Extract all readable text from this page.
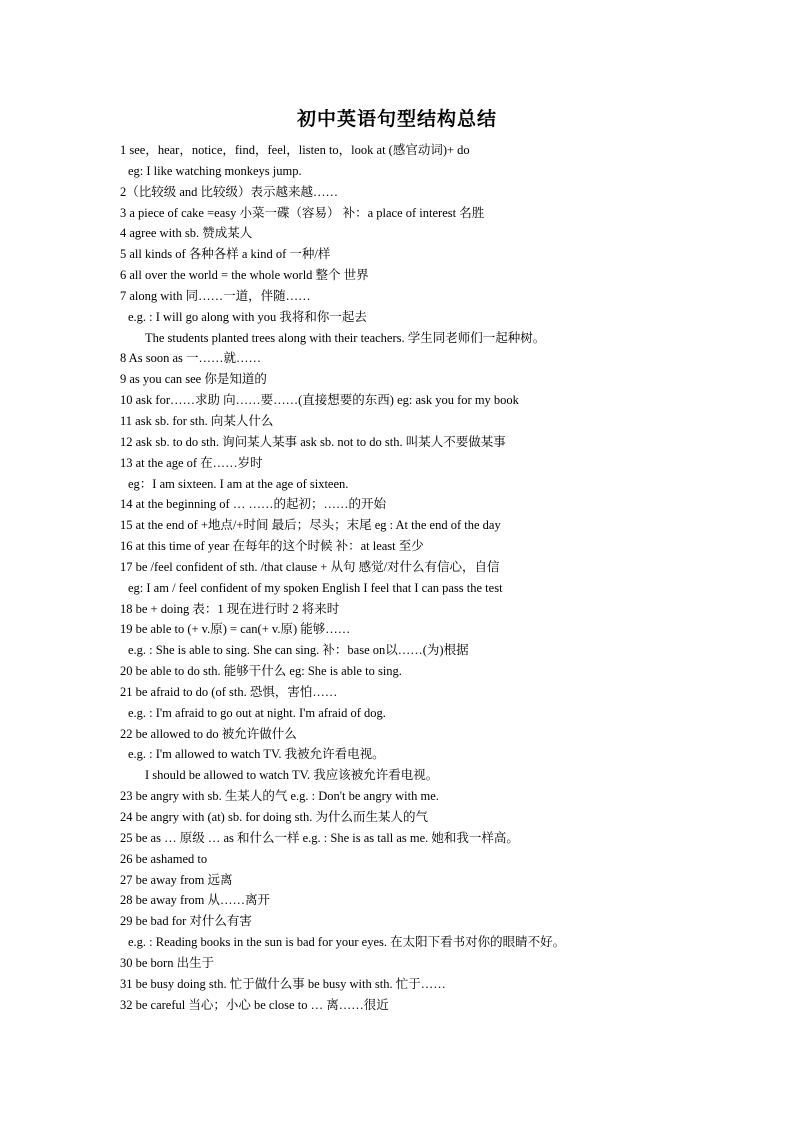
初中英语句型结构总结
1 see，hear，notice，find，feel，listen to，look at (感官动词)+ do
eg: I like watching monkeys jump.
2（比较级 and 比较级）表示越来越……
3 a piece of cake =easy 小菜一碟（容易） 补：a place of interest 名胜
4 agree with sb. 赞成某人
5 all kinds of 各种各样 a kind of 一种/样
6 all over the world = the whole world 整个 世界
7 along with 同……一道，伴随……
e.g. : I will go along with you 我将和你一起去
The students planted trees along with their teachers. 学生同老师们一起种树。
8 As soon as 一……就……
9 as you can see 你是知道的
10 ask for……求助 向……要……(直接想要的东西) eg: ask you for my book
11 ask sb. for sth. 向某人什么
12 ask sb. to do sth. 询问某人某事 ask sb. not to do sth. 叫某人不要做某事
13 at the age of 在……岁时
eg：I am sixteen. I am at the age of sixteen.
14 at the beginning of … ……的起初；……的开始
15 at the end of +地点/+时间 最后；尽头；末尾 eg : At the end of the day
16 at this time of year 在每年的这个时候 补：at least 至少
17 be /feel confident of sth. /that clause + 从句 感觉/对什么有信心，自信
eg: I am / feel confident of my spoken English I feel that I can pass the test
18 be + doing 表：1 现在进行时 2 将来时
19 be able to (+ v.原) = can(+ v.原) 能够……
e.g. : She is able to sing. She can sing. 补：base on以……(为)根据
20 be able to do sth. 能够干什么 eg: She is able to sing.
21 be afraid to do (of sth. 恐惧，害怕……
e.g. : I'm afraid to go out at night. I'm afraid of dog.
22 be allowed to do 被允许做什么
e.g. : I'm allowed to watch TV. 我被允许看电视。
I should be allowed to watch TV. 我应该被允许看电视。
23 be angry with sb. 生某人的气 e.g. : Don't be angry with me.
24 be angry with (at) sb. for doing sth. 为什么而生某人的气
25 be as … 原级 … as 和什么一样 e.g. : She is as tall as me. 她和我一样高。
26 be ashamed to
27 be away from 远离
28 be away from 从……离开
29 be bad for 对什么有害
e.g. : Reading books in the sun is bad for your eyes. 在太阳下看书对你的眼睛不好。
30 be born 出生于
31 be busy doing sth. 忙于做什么事 be busy with sth. 忙于……
32 be careful 当心；小心 be close to … 离……很近
